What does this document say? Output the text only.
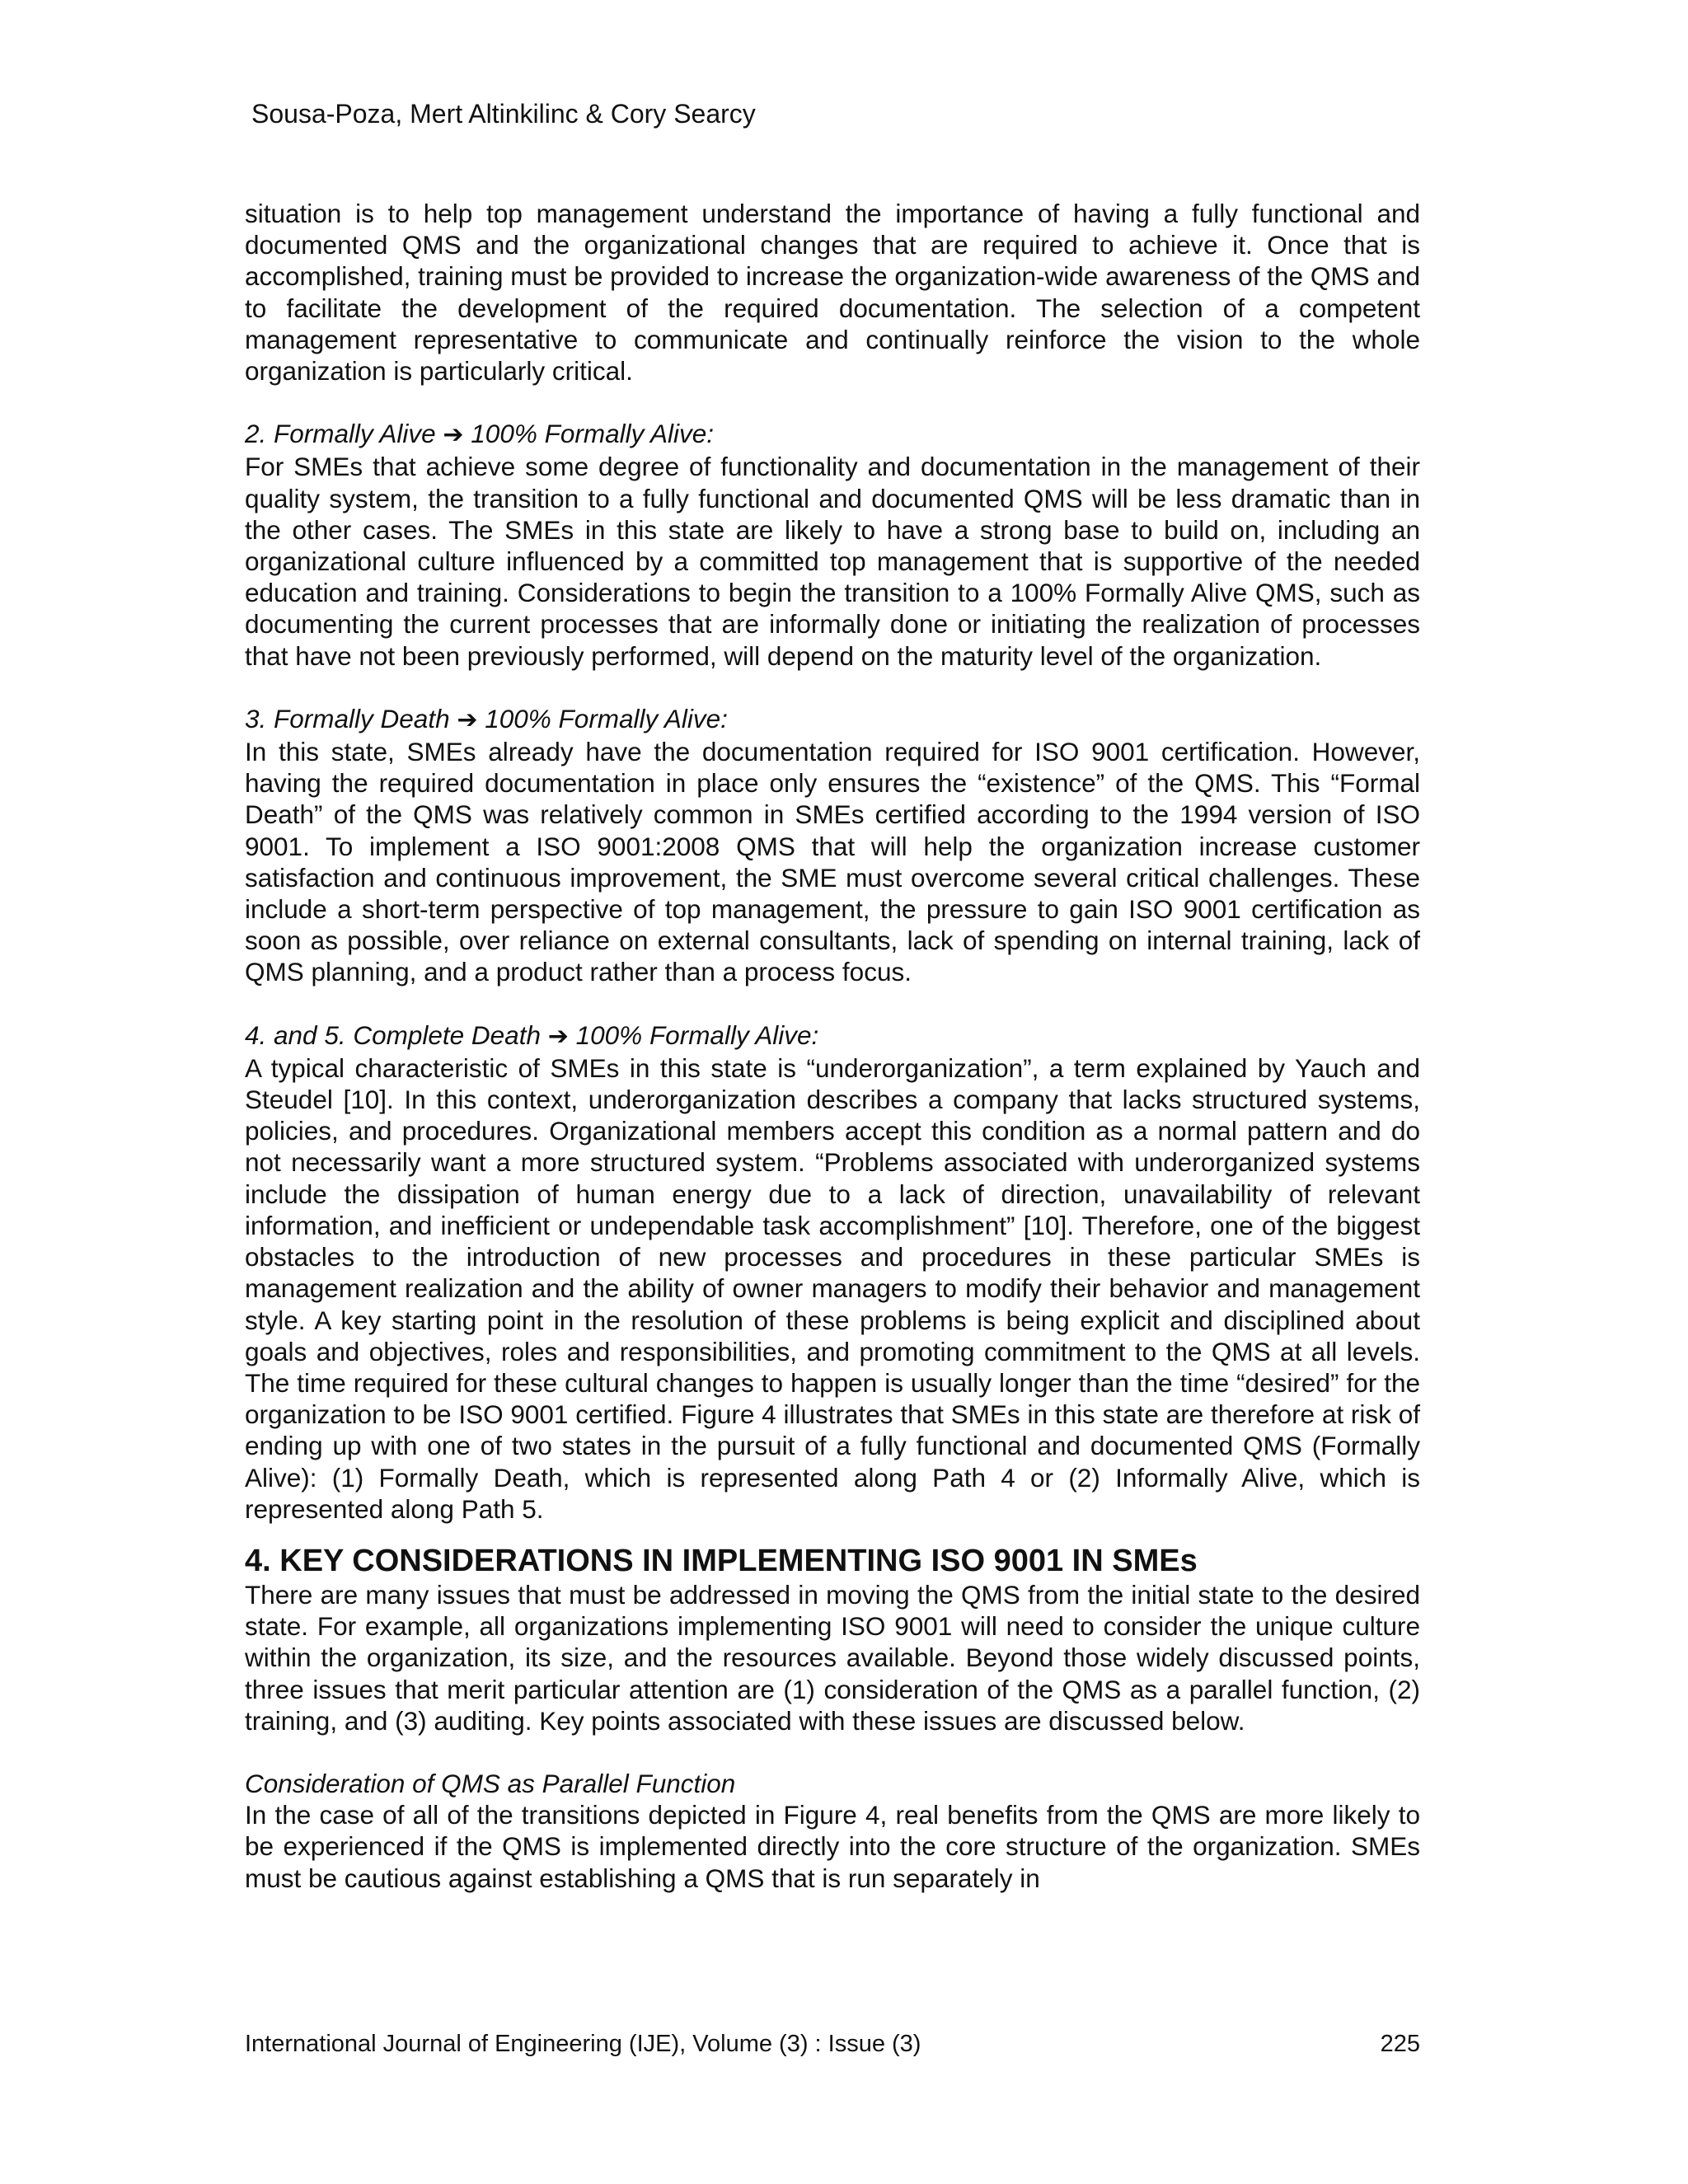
Sousa-Poza, Mert Altinkilinc & Cory Searcy

situation is to help top management understand the importance of having a fully functional and documented QMS and the organizational changes that are required to achieve it. Once that is accomplished, training must be provided to increase the organization-wide awareness of the QMS and to facilitate the development of the required documentation. The selection of a competent management representative to communicate and continually reinforce the vision to the whole organization is particularly critical.

2. Formally Alive ➔ 100% Formally Alive:

For SMEs that achieve some degree of functionality and documentation in the management of their quality system, the transition to a fully functional and documented QMS will be less dramatic than in the other cases. The SMEs in this state are likely to have a strong base to build on, including an organizational culture influenced by a committed top management that is supportive of the needed education and training. Considerations to begin the transition to a 100% Formally Alive QMS, such as documenting the current processes that are informally done or initiating the realization of processes that have not been previously performed, will depend on the maturity level of the organization.

3. Formally Death ➔ 100% Formally Alive:

In this state, SMEs already have the documentation required for ISO 9001 certification. However, having the required documentation in place only ensures the “existence” of the QMS. This “Formal Death” of the QMS was relatively common in SMEs certified according to the 1994 version of ISO 9001. To implement a ISO 9001:2008 QMS that will help the organization increase customer satisfaction and continuous improvement, the SME must overcome several critical challenges. These include a short-term perspective of top management, the pressure to gain ISO 9001 certification as soon as possible, over reliance on external consultants, lack of spending on internal training, lack of QMS planning, and a product rather than a process focus.

4. and 5. Complete Death ➔ 100% Formally Alive:

A typical characteristic of SMEs in this state is “underorganization”, a term explained by Yauch and Steudel [10]. In this context, underorganization describes a company that lacks structured systems, policies, and procedures. Organizational members accept this condition as a normal pattern and do not necessarily want a more structured system. “Problems associated with underorganized systems include the dissipation of human energy due to a lack of direction, unavailability of relevant information, and inefficient or undependable task accomplishment” [10]. Therefore, one of the biggest obstacles to the introduction of new processes and procedures in these particular SMEs is management realization and the ability of owner managers to modify their behavior and management style. A key starting point in the resolution of these problems is being explicit and disciplined about goals and objectives, roles and responsibilities, and promoting commitment to the QMS at all levels. The time required for these cultural changes to happen is usually longer than the time “desired” for the organization to be ISO 9001 certified. Figure 4 illustrates that SMEs in this state are therefore at risk of ending up with one of two states in the pursuit of a fully functional and documented QMS (Formally Alive): (1) Formally Death, which is represented along Path 4 or (2) Informally Alive, which is represented along Path 5.

4. KEY CONSIDERATIONS IN IMPLEMENTING ISO 9001 IN SMEs

There are many issues that must be addressed in moving the QMS from the initial state to the desired state. For example, all organizations implementing ISO 9001 will need to consider the unique culture within the organization, its size, and the resources available. Beyond those widely discussed points, three issues that merit particular attention are (1) consideration of the QMS as a parallel function, (2) training, and (3) auditing. Key points associated with these issues are discussed below.

Consideration of QMS as Parallel Function

In the case of all of the transitions depicted in Figure 4, real benefits from the QMS are more likely to be experienced if the QMS is implemented directly into the core structure of the organization. SMEs must be cautious against establishing a QMS that is run separately in

International Journal of Engineering (IJE), Volume (3) : Issue (3)	225
